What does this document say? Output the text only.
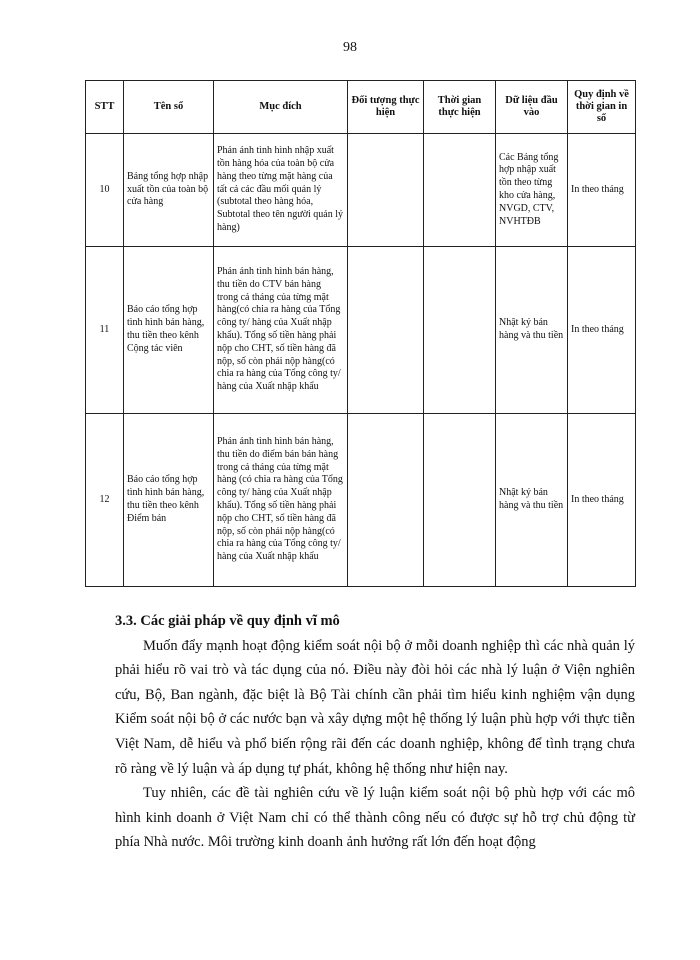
98
STT	Tên sổ	Mục đích	Đối tượng thực hiện	Thời gian thực hiện	Dữ liệu đầu vào	Quy định về thời gian in sổ
10	Bảng tổng hợp nhập xuất tồn của toàn bộ cửa hàng	Phản ánh tình hình nhập xuất tồn hàng hóa của toàn bộ cửa hàng theo từng mặt hàng của tất cả các đầu mối quản lý (subtotal theo hàng hóa, Subtotal theo tên người quản lý hàng)			Các Bảng tổng hợp nhập xuất tồn theo từng kho cửa hàng, NVGD, CTV, NVHTĐB	In theo tháng
11	Báo cáo tổng hợp tình hình bán hàng, thu tiền theo kênh Cộng tác viên	Phản ánh tình hình bán hàng, thu tiền do CTV bán hàng trong cả tháng của từng mặt hàng(có chia ra hàng của Tổng công ty/ hàng của Xuất nhập khẩu). Tổng số tiền hàng phải nộp cho CHT, số tiền hàng đã nộp, số còn phải nộp hàng(có chia ra hàng của Tổng công ty/ hàng của Xuất nhập khẩu			Nhật ký bán hàng và thu tiền	In theo tháng
12	Báo cáo tổng hợp tình hình bán hàng, thu tiền theo kênh Điểm bán	Phản ánh tình hình bán hàng, thu tiền do điểm bán bán hàng trong cả tháng của từng mặt hàng (có chia ra hàng của Tổng công ty/ hàng của Xuất nhập khẩu). Tổng số tiền hàng phải nộp cho CHT, số tiền hàng đã nộp, số còn phải nộp hàng(có chia ra hàng của Tổng công ty/ hàng của Xuất nhập khẩu			Nhật ký bán hàng và thu tiền	In theo tháng

3.3. Các giải pháp về quy định vĩ mô

Muốn đẩy mạnh hoạt động kiểm soát nội bộ ở mỗi doanh nghiệp thì các nhà quản lý phải hiểu rõ vai trò và tác dụng của nó. Điều này đòi hỏi các nhà lý luận ở Viện nghiên cứu, Bộ, Ban ngành, đặc biệt là Bộ Tài chính cần phải tìm hiểu kinh nghiệm vận dụng Kiểm soát nội bộ ở các nước bạn và xây dựng một hệ thống lý luận phù hợp với thực tiễn Việt Nam, dễ hiểu và phổ biến rộng rãi đến các doanh nghiệp, không để tình trạng chưa rõ ràng về lý luận và áp dụng tự phát, không hệ thống như hiện nay.

Tuy nhiên, các đề tài nghiên cứu về lý luận kiểm soát nội bộ phù hợp với các mô hình kinh doanh ở Việt Nam chỉ có thể thành công nếu có được sự hỗ trợ chủ động từ phía Nhà nước. Môi trường kinh doanh ảnh hưởng rất lớn đến hoạt động
